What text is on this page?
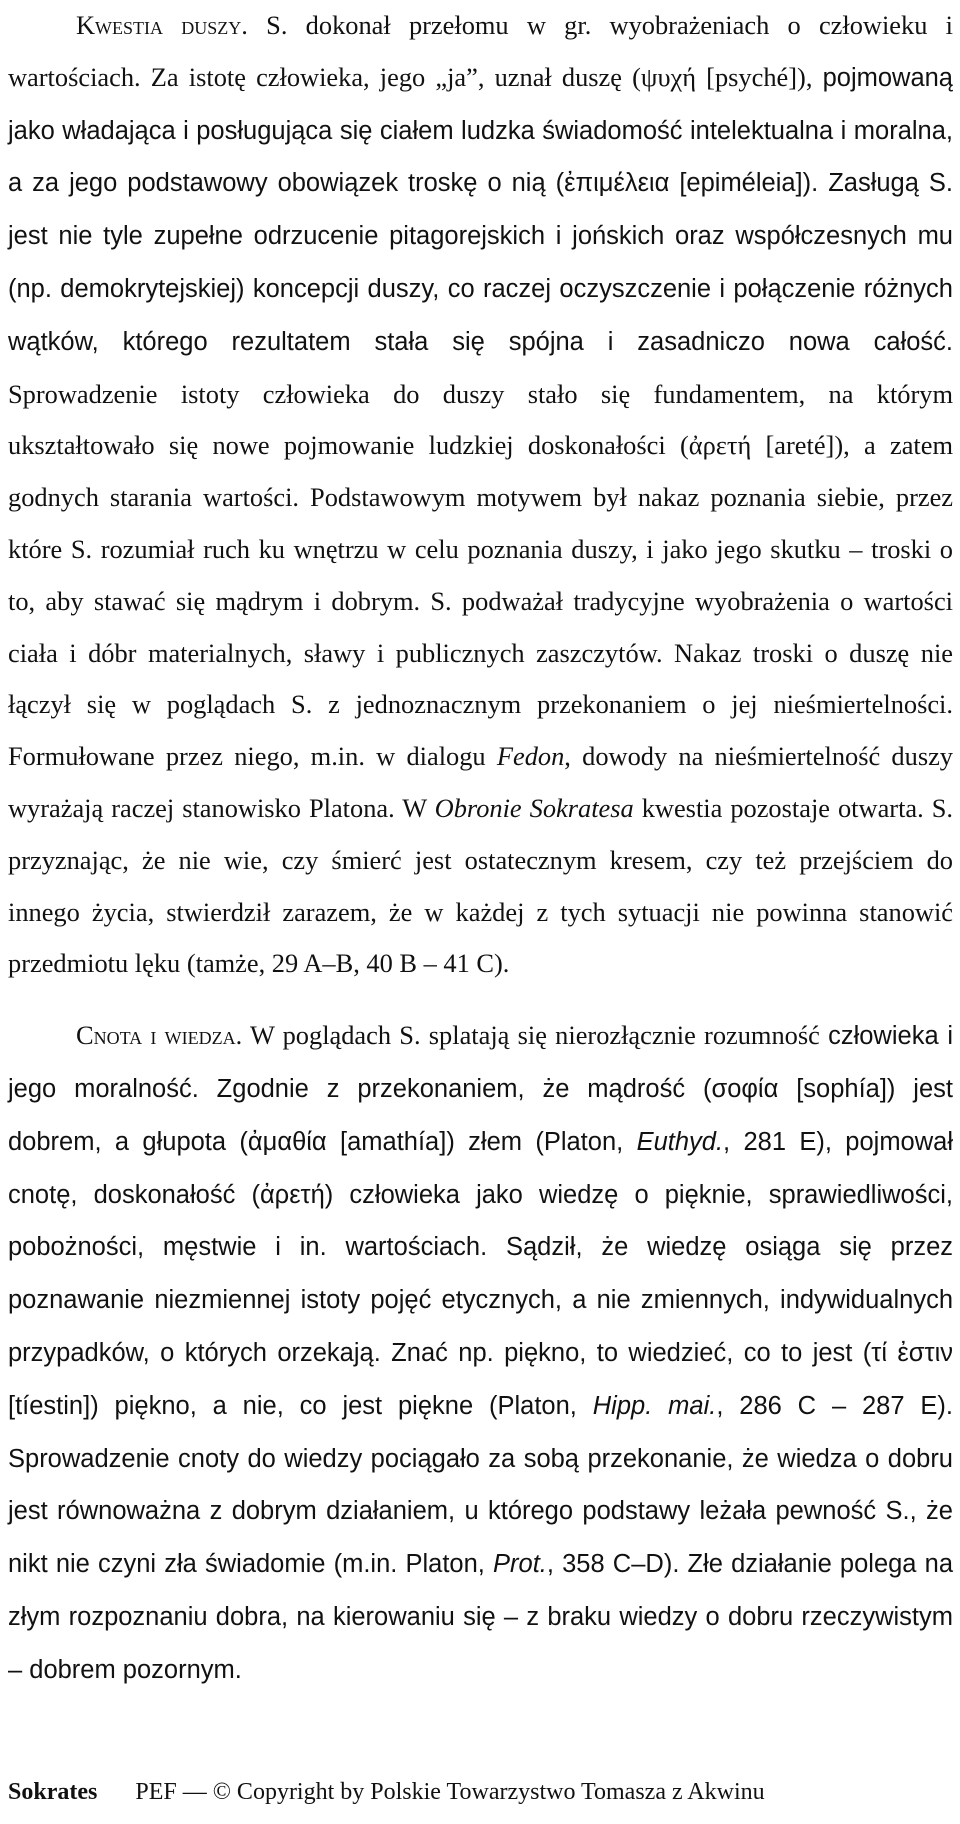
Kwestia duszy. S. dokonał przełomu w gr. wyobrażeniach o człowieku i wartościach. Za istotę człowieka, jego „ja”, uznał duszę (ψυχή [psyché]), pojmowaną jako władająca i posługująca się ciałem ludzka świadomość intelektualna i moralna, a za jego podstawowy obowiązek troskę o nią (ἐπιμέλεια [epiméleia]). Zasługą S. jest nie tyle zupełne odrzucenie pitagorejskich i jońskich oraz współczesnych mu (np. demokrytejskiej) koncepcji duszy, co raczej oczyszczenie i połączenie różnych wątków, którego rezultatem stała się spójna i zasadniczo nowa całość. Sprowadzenie istoty człowieka do duszy stało się fundamentem, na którym ukształtowało się nowe pojmowanie ludzkiej doskonałości (ἀρετή [areté]), a zatem godnych starania wartości. Podstawowym motywem był nakaz poznania siebie, przez które S. rozumiał ruch ku wnętrzu w celu poznania duszy, i jako jego skutku – troski o to, aby stawać się mądrym i dobrym. S. podważał tradycyjne wyobrażenia o wartości ciała i dóbr materialnych, sławy i publicznych zaszczytów. Nakaz troski o duszę nie łączył się w poglądach S. z jednoznacznym przekonaniem o jej nieśmiertelności. Formułowane przez niego, m.in. w dialogu Fedon, dowody na nieśmiertelność duszy wyrażają raczej stanowisko Platona. W Obronie Sokratesa kwestia pozostaje otwarta. S. przyznając, że nie wie, czy śmierć jest ostatecznym kresem, czy też przejściem do innego życia, stwierdził zarazem, że w każdej z tych sytuacji nie powinna stanowić przedmiotu lęku (tamże, 29 A–B, 40 B – 41 C).

Cnota i wiedza. W poglądach S. splatają się nierozłącznie rozumność człowieka i jego moralność. Zgodnie z przekonaniem, że mądrość (σοφία [sophía]) jest dobrem, a głupota (ἀμαθία [amathía]) złem (Platon, Euthyd., 281 E), pojmował cnotę, doskonałość (ἀρετή) człowieka jako wiedzę o pięknie, sprawiedliwości, pobożności, męstwie i in. wartościach. Sądził, że wiedzę osiąga się przez poznawanie niezmiennej istoty pojęć etycznych, a nie zmiennych, indywidualnych przypadków, o których orzekają. Znać np. piękno, to wiedzieć, co to jest (τί ἐστιν [tíestin]) piękno, a nie, co jest piękne (Platon, Hipp. mai., 286 C – 287 E). Sprowadzenie cnoty do wiedzy pociągało za sobą przekonanie, że wiedza o dobru jest równoważna z dobrym działaniem, u którego podstawy leżała pewność S., że nikt nie czyni zła świadomie (m.in. Platon, Prot., 358 C–D). Złe działanie polega na złym rozpoznaniu dobra, na kierowaniu się – z braku wiedzy o dobru rzeczywistym – dobrem pozornym.

Sokrates PEF — © Copyright by Polskie Towarzystwo Tomasza z Akwinu
